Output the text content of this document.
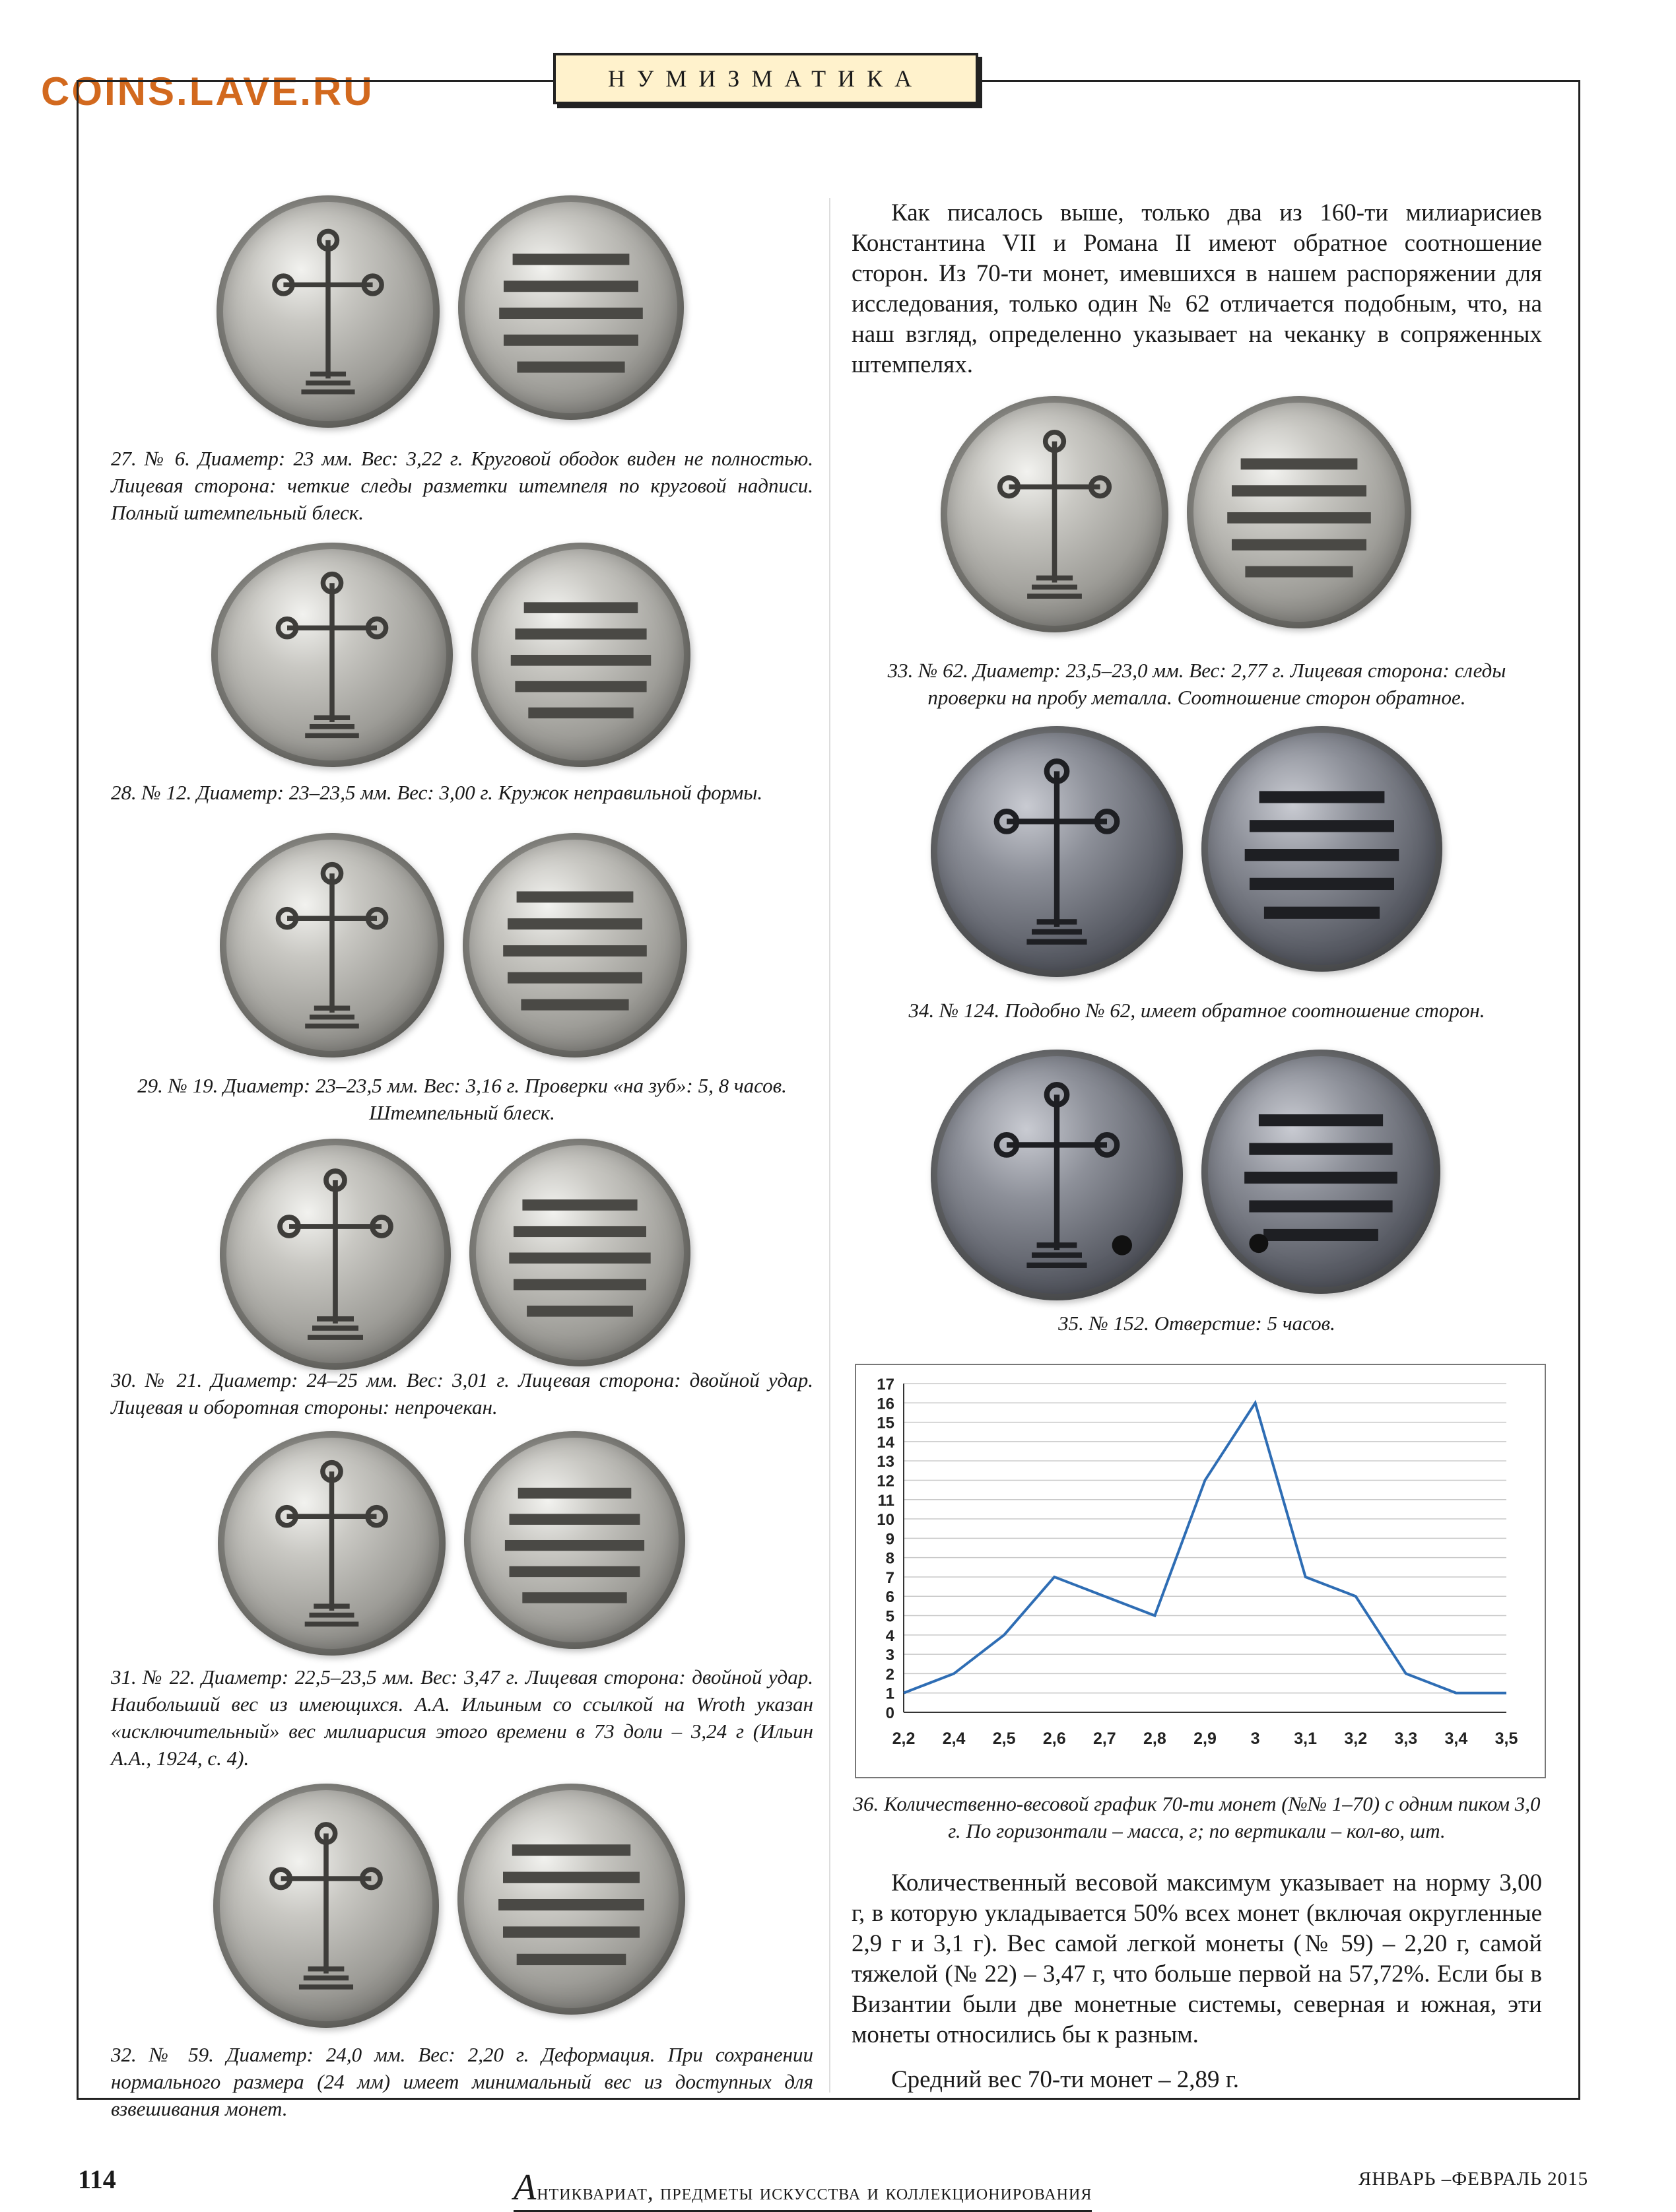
COINS.LAVE.RU	НУМИЗМАТИКА
27. № 6. Диаметр: 23 мм. Вес: 3,22 г. Круговой ободок виден не полностью. Лицевая сторона: четкие следы разметки штемпеля по круговой надписи. Полный штемпельный блеск.
28. № 12. Диаметр: 23–23,5 мм. Вес: 3,00 г. Кружок неправильной формы.
29. № 19. Диаметр: 23–23,5 мм. Вес: 3,16 г. Проверки «на зуб»: 5, 8 часов. Штемпельный блеск.
30. № 21. Диаметр: 24–25 мм. Вес: 3,01 г. Лицевая сторона: двойной удар. Лицевая и оборотная стороны: непрочекан.
31. № 22. Диаметр: 22,5–23,5 мм. Вес: 3,47 г. Лицевая сторона: двойной удар. Наибольший вес из имеющихся. А.А. Ильиным со ссылкой на Wroth указан «исключительный» вес милиарисия этого времени в 73 доли – 3,24 г (Ильин А.А., 1924, с. 4).
32. № 59. Диаметр: 24,0 мм. Вес: 2,20 г. Деформация. При сохранении нормального размера (24 мм) имеет минимальный вес из доступных для взвешивания монет.
Как писалось выше, только два из 160-ти милиарисиев Константина VII и Романа II имеют обратное соотношение сторон. Из 70-ти монет, имевшихся в нашем распоряжении для исследования, только один № 62 отличается подобным, что, на наш взгляд, определенно указывает на чеканку в сопряженных штемпелях.
33. № 62. Диаметр: 23,5–23,0 мм. Вес: 2,77 г. Лицевая сторона: следы проверки на пробу металла. Соотношение сторон обратное.
34. № 124. Подобно № 62, имеет обратное соотношение сторон.
35. № 152. Отверстие: 5 часов.
0
1
2
3
4
5
6
7
8
9
10
11
12
13
14
15
16
17
2,2 2,4 2,5 2,6 2,7 2,8 2,9 3 3,1 3,2 3,3 3,4 3,5
36. Количественно-весовой график 70-ти монет (№№ 1–70) с одним пиком 3,0 г. По горизонтали – масса, г; по вертикали – кол-во, шт.
Количественный весовой максимум указывает на норму 3,00 г, в которую укладывается 50% всех монет (включая округленные 2,9 г и 3,1 г). Вес самой легкой монеты (№ 59) – 2,20 г, самой тяжелой (№ 22) – 3,47 г, что больше первой на 57,72%. Если бы в Византии были две монетные системы, северная и южная, эти монеты относились бы к разным.
Средний вес 70-ти монет – 2,89 г.
114	Антиквариат, предметы искусства и коллекционирования
ЯНВАРЬ –ФЕВРАЛЬ 2015
